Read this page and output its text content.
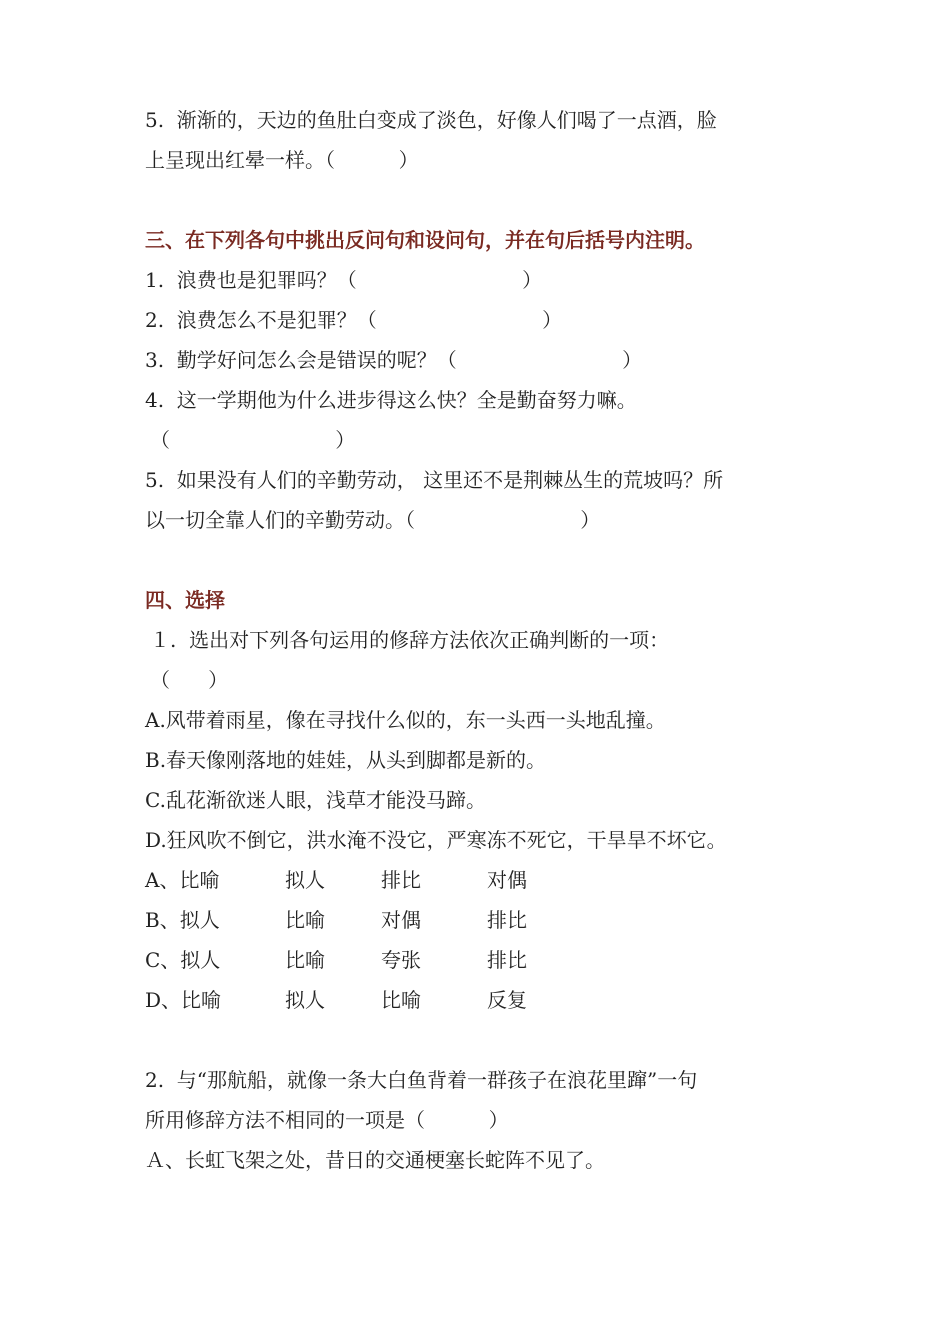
5.  渐渐的，天边的鱼肚白变成了淡色，好像人们喝了一点酒，脸
上呈现出红晕一样。（          ）
三、在下列各句中挑出反问句和设问句，并在句后括号内注明。
1.  浪费也是犯罪吗？（                          ）
2.  浪费怎么不是犯罪？（                          ）
3.  勤学好问怎么会是错误的呢？（                          ）
4.  这一学期他为什么进步得这么快？全是勤奋努力嘛。
（                          ）
5.  如果没有人们的辛勤劳动， 这里还不是荆棘丛生的荒坡吗？所
以一切全靠人们的辛勤劳动。（                          ）
四、选择
１.  选出对下列各句运用的修辞方法依次正确判断的一项：
（      ）
A.风带着雨星，像在寻找什么似的，东一头西一头地乱撞。
B.春天像刚落地的娃娃，从头到脚都是新的。
C.乱花渐欲迷人眼，浅草才能没马蹄。
D.狂风吹不倒它，洪水淹不没它，严寒冻不死它，干旱旱不坏它。
A、比喻	拟人	排比	对偶
B、拟人	比喻	对偶	排比
C、拟人	比喻	夸张	排比
D、比喻	拟人	比喻	反复
2.  与“那航船，就像一条大白鱼背着一群孩子在浪花里蹿”一句
所用修辞方法不相同的一项是（          ）
Ａ、长虹飞架之处，昔日的交通梗塞长蛇阵不见了。
